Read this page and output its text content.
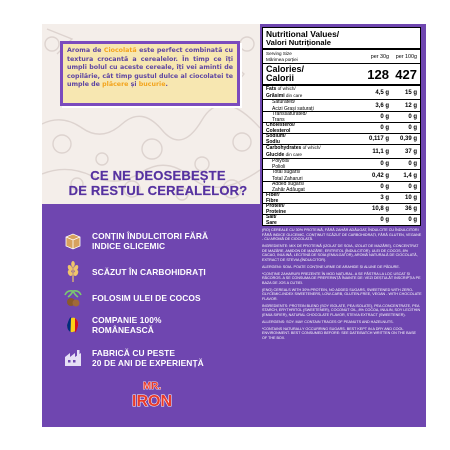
Aroma de Ciocolată este perfect combinată cu textura crocantă a cerealelor. În timp ce îți umpli bolul cu aceste cereale, îți vei aminti de copilărie, cât timp gustul dulce al ciocolatei te umple de plăcere și bucurie.
CE NE DEOSEBEȘTE
DE RESTUL CEREALELOR?
CONȚIN ÎNDULCITORI FĂRĂ
INDICE GLICEMIC
SCĂZUT ÎN CARBOHIDRAȚI
FOLOSIM ULEI DE COCOS
COMPANIE 100%
ROMÂNEASCĂ
FABRICĂ CU PESTE
20 DE ANI DE EXPERIENȚĂ
MR.
IRON
Nutritional Values/
Valori Nutriționale
Serving Size
Mărimea porției	per 30g	per 100g
Calories/
Calorii	128 427
Fats of which/
Grăsimi din care	4,5 g	15 g
Saturated/
Acizi Grași saturați	3,6 g	12 g
Transsaturated/
Trans	0 g	0 g
Cholesterol/
Colesterol	0 g	0 g
Sodium/
Sodiu	0,117 g	0,39 g
Carbohydrates of which/
Glucide din care	11,1 g	37 g
Polyols/
Polioli	0 g	0 g
Total sugars/
Total Zaharuri	0,42 g	1,4 g
Added sugars/
Zahăr Adăugat	0 g	0 g
Fiber/
Fibre	3 g	10 g
Protein/
Proteine	10,8 g	36 g
Salt/
Sare	0 g	0 g

(RO) CEREALE CU 30% PROTEINĂ, FĂRĂ ZAHĂR ADĂUGAT, ÎNDULCITE CU ÎNDULCITORI FĂRĂ INDICE GLICEMIC, CONȚINUT SCĂZUT DE CARBOHIDRAȚI, FĂRĂ GLUTEN, VEGANE - CU AROMĂ DE CIOCOLATĂ.

INGREDIENTE: MIX DE PROTEINĂ (IZOLAT DE SOIA, IZOLAT DE MAZĂRE), CONCENTRAT DE MAZĂRE, AMIDON DE MAZĂRE, ERITRITOL (ÎNDULCITOR). ULEI DE COCOS, 8% CACAO, INULINĂ, LECITINĂ DE SOIA (EMULGATOR), AROMĂ NATURALĂ DE CIOCOLATĂ, EXTRACT DE STEVIA (ÎNDULCITOR).

ALERGENI: SOIA. POATE CONȚINE URME DE ARAHIDE ȘI ALUNE DE PĂDURE.

*CONȚINE ZAHARURI PREZENTE ÎN MOD NATURAL. A SE PĂSTRA LA LOC USCAT ȘI RĂCOROS. A SE CONSUMA DE PREFERINȚĂ ÎNAINTE DE: VEZI DEȘTULĂT INSCRIPȚIA PE BAZA DE JOS A CUTIEI.

(ENG) CEREALS WITH 30% PROTEIN, NO ADDED SUGARS, SWEETENED WITH ZERO-GLYCEMIC-INDEX SWEETENERS, LOW-CARB, GLUTEN-FREE, VEGAN - WITH CHOCOLATE FLAVOR.

INGREDIENTS: PROTEIN BLEND (SOY ISOLATE, PEA ISOLATE), PEA CONCENTRATE, PEA STARCH, ERYTHRITOL (SWEETENER), COCONUT OIL, 8% COCOA, INULIN, SOY LECITHIN (EMULSIFIER), NATURAL CHOCOLATE FLAVOR, STEVIA EXTRACT (SWEETENER).

ALLERGENS: SOY. MAY CONTAIN TRACES OF PEANUTS AND HAZELNUTS.

*CONTAINS NATURALLY OCCURRING SUGARS. BEST KEPT IN A DRY AND COOL ENVIRONMENT. BEST CONSUMED BEFORE: SEE DATE/BATCH WRITTEN ON THE BASE OF THE BOX.
